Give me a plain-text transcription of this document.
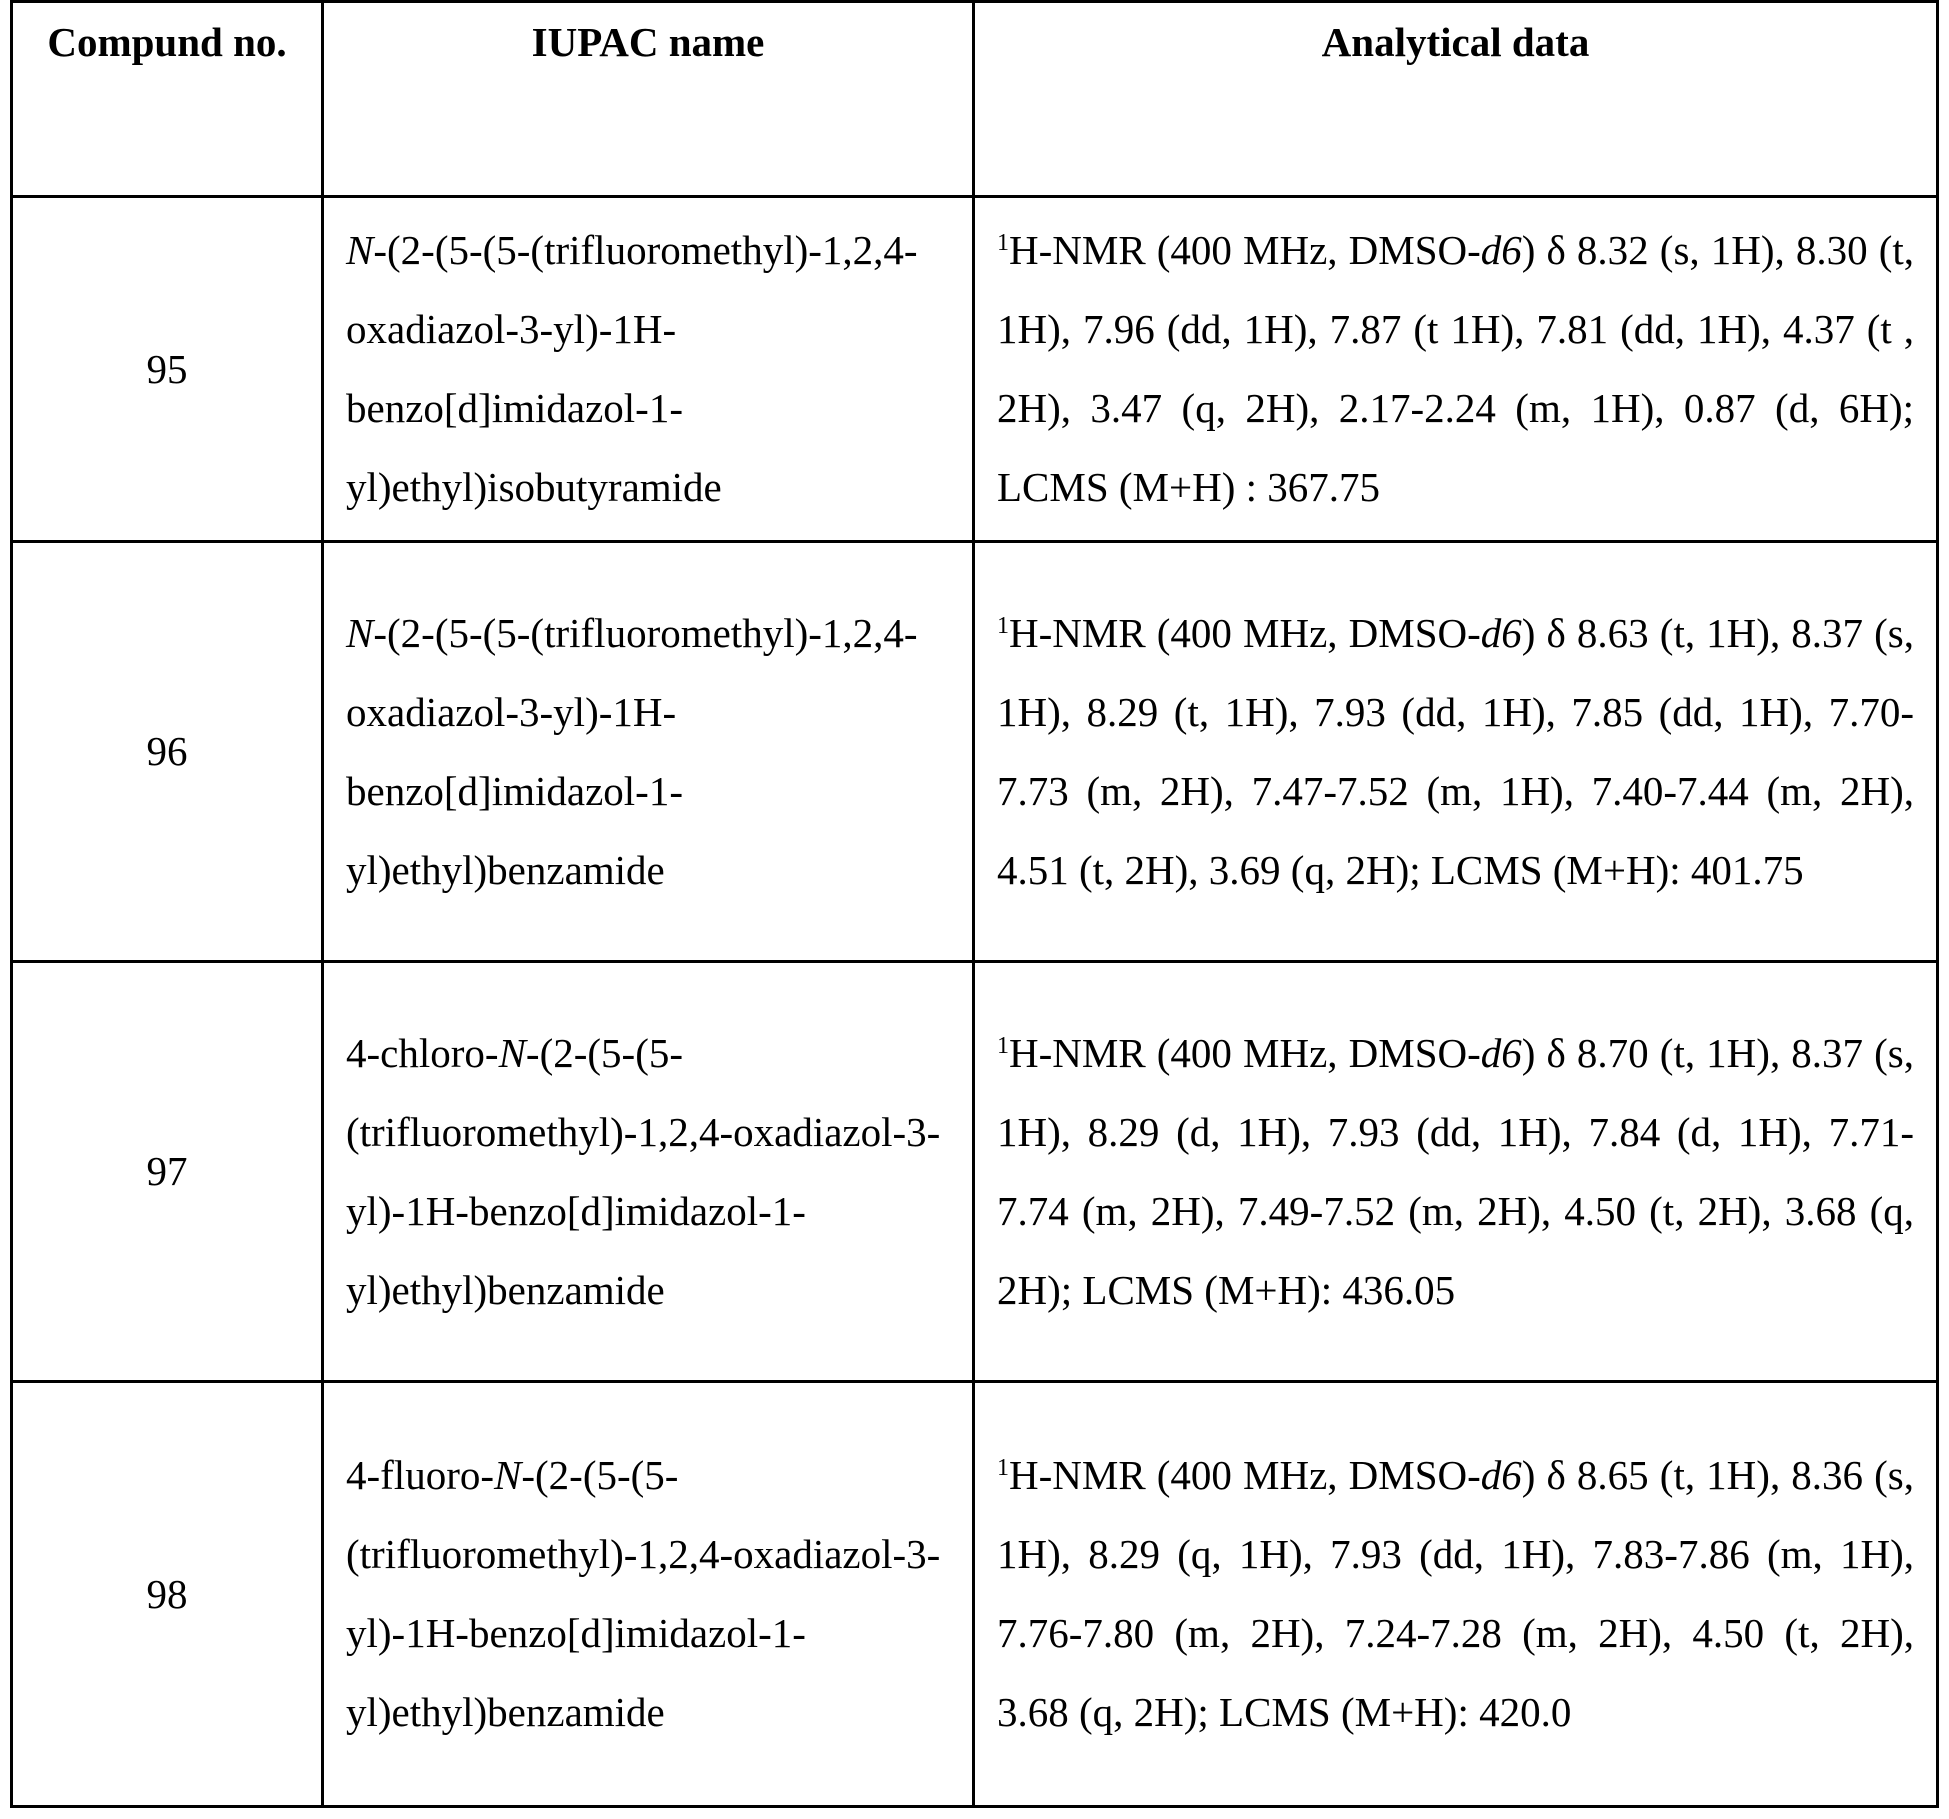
Compund no.	IUPAC name	Analytical data
95	N-(2-(5-(5-(trifluoromethyl)-1,2,4-oxadiazol-3-yl)-1H-benzo[d]imidazol-1-yl)ethyl)isobutyramide	1H-NMR (400 MHz, DMSO-d6) δ 8.32 (s, 1H), 8.30 (t, 1H), 7.96 (dd, 1H), 7.87 (t 1H), 7.81 (dd, 1H), 4.37 (t , 2H), 3.47 (q, 2H), 2.17-2.24 (m, 1H), 0.87 (d, 6H); LCMS (M+H) : 367.75
96	N-(2-(5-(5-(trifluoromethyl)-1,2,4-oxadiazol-3-yl)-1H-benzo[d]imidazol-1-yl)ethyl)benzamide	1H-NMR (400 MHz, DMSO-d6) δ 8.63 (t, 1H), 8.37 (s, 1H), 8.29 (t, 1H), 7.93 (dd, 1H), 7.85 (dd, 1H), 7.70-7.73 (m, 2H), 7.47-7.52 (m, 1H), 7.40-7.44 (m, 2H), 4.51 (t, 2H), 3.69 (q, 2H); LCMS (M+H): 401.75
97	4-chloro-N-(2-(5-(5-(trifluoromethyl)-1,2,4-oxadiazol-3-yl)-1H-benzo[d]imidazol-1-yl)ethyl)benzamide	1H-NMR (400 MHz, DMSO-d6) δ 8.70 (t, 1H), 8.37 (s, 1H), 8.29 (d, 1H), 7.93 (dd, 1H), 7.84 (d, 1H), 7.71-7.74 (m, 2H), 7.49-7.52 (m, 2H), 4.50 (t, 2H), 3.68 (q, 2H); LCMS (M+H): 436.05
98	4-fluoro-N-(2-(5-(5-(trifluoromethyl)-1,2,4-oxadiazol-3-yl)-1H-benzo[d]imidazol-1-yl)ethyl)benzamide	1H-NMR (400 MHz, DMSO-d6) δ 8.65 (t, 1H), 8.36 (s, 1H), 8.29 (q, 1H), 7.93 (dd, 1H), 7.83-7.86 (m, 1H), 7.76-7.80 (m, 2H), 7.24-7.28 (m, 2H), 4.50 (t, 2H), 3.68 (q, 2H); LCMS (M+H): 420.0
